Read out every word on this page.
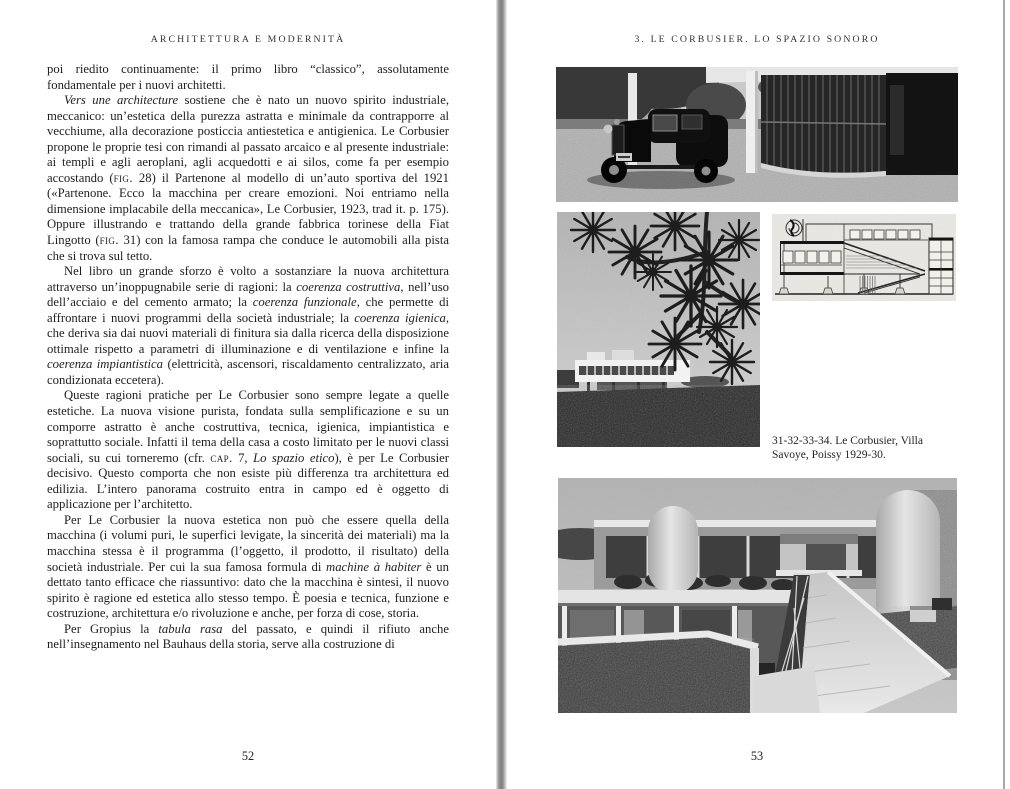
ARCHITETTURA E MODERNITÀ

poi riedito continuamente: il primo libro “classico”, assolutamente fondamentale per i nuovi architetti.

Vers une architecture sostiene che è nato un nuovo spirito industriale, meccanico: un’estetica della purezza astratta e minimale da contrapporre al vecchiume, alla decorazione posticcia antiestetica e antigienica. Le Corbusier propone le proprie tesi con rimandi al passato arcaico e al presente industriale: ai templi e agli aeroplani, agli acquedotti e ai silos, come fa per esempio accostando (fig. 28) il Partenone al modello di un’auto sportiva del 1921 («Partenone. Ecco la macchina per creare emozioni. Noi entriamo nella dimensione implacabile della meccanica», Le Corbusier, 1923, trad it. p. 175). Oppure illustrando e trattando della grande fabbrica torinese della Fiat Lingotto (fig. 31) con la famosa rampa che conduce le automobili alla pista che si trova sul tetto.

Nel libro un grande sforzo è volto a sostanziare la nuova architettura attraverso un’inoppugnabile serie di ragioni: la coerenza costruttiva, nell’uso dell’acciaio e del cemento armato; la coerenza funzionale, che permette di affrontare i nuovi programmi della società industriale; la coerenza igienica, che deriva sia dai nuovi materiali di finitura sia dalla ricerca della disposizione ottimale rispetto a parametri di illuminazione e di ventilazione e infine la coerenza impiantistica (elettricità, ascensori, riscaldamento centralizzato, aria condizionata eccetera).

Queste ragioni pratiche per Le Corbusier sono sempre legate a quelle estetiche. La nuova visione purista, fondata sulla semplificazione e su un comporre astratto è anche costruttiva, tecnica, igienica, impiantistica e soprattutto sociale. Infatti il tema della casa a costo limitato per le nuovi classi sociali, su cui torneremo (cfr. cap. 7, Lo spazio etico), è per Le Corbusier decisivo. Questo comporta che non esiste più differenza tra architettura ed edilizia. L’intero panorama costruito entra in campo ed è oggetto di applicazione per l’architetto.

Per Le Corbusier la nuova estetica non può che essere quella della macchina (i volumi puri, le superfici levigate, la sincerità dei materiali) ma la macchina stessa è il programma (l’oggetto, il prodotto, il risultato) della società industriale. Per cui la sua famosa formula di machine à habiter è un dettato tanto efficace che riassuntivo: dato che la macchina è sintesi, il nuovo spirito è ragione ed estetica allo stesso tempo. È poesia e tecnica, funzione e costruzione, architettura e/o rivoluzione e anche, per forza di cose, storia.

Per Gropius la tabula rasa del passato, e quindi il rifiuto anche nell’insegnamento nel Bauhaus della storia, serve alla costruzione di

52
3. LE CORBUSIER. LO SPAZIO SONORO
31-32-33-34. Le Corbusier, Villa Savoye, Poissy 1929-30.
53
